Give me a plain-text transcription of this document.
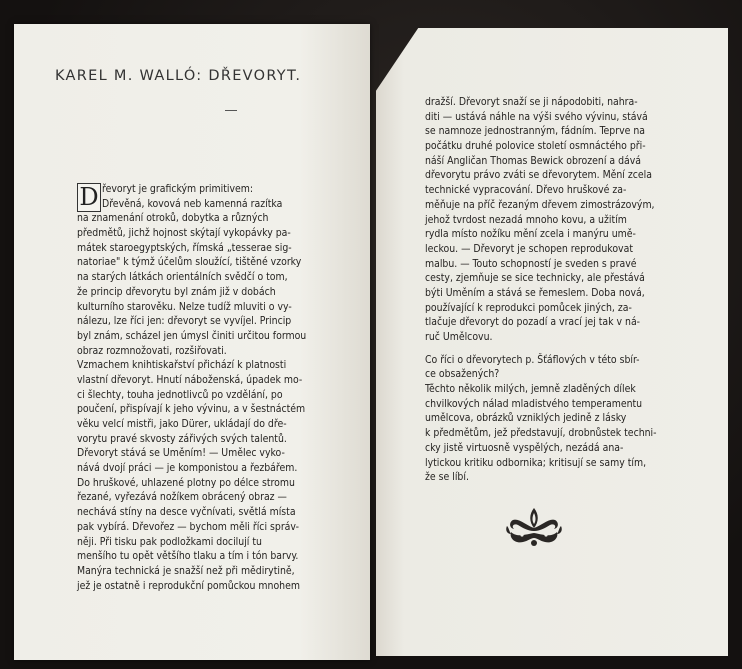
KAREL M. WALLÓ: DŘEVORYT.
D řevoryt je grafickým primitivem:
Dřevěná, kovová neb kamenná razítka
na znamenání otroků, dobytka a různých
předmětů, jichž hojnost skýtají vykopávky pa-
mátek staroegyptských, římská „tesserae sig-
natoriae" k týmž účelům sloužící, tištěné vzorky
na starých látkách orientálních svědčí o tom,
že princip dřevorytu byl znám již v dobách
kulturního starověku. Nelze tudíž mluviti o vy-
nálezu, lze říci jen: dřevoryt se vyvíjel. Princip
byl znám, scházel jen úmysl činiti určitou formou
obraz rozmnožovati, rozšiřovati.
Vzmachem knihtiskařství přichází k platnosti
vlastní dřevoryt. Hnutí náboženská, úpadek mo-
ci šlechty, touha jednotlivců po vzdělání, po
poučení, přispívají k jeho vývinu, a v šestnáctém
věku velcí mistři, jako Dürer, ukládají do dře-
vorytu pravé skvosty zářivých svých talentů.
Dřevoryt stává se Uměním! — Umělec vyko-
nává dvojí práci — je komponistou a řezbářem.
Do hruškové, uhlazené plotny po délce stromu
řezané, vyřezává nožíkem obrácený obraz —
nechává stíny na desce vyčnívati, světlá místa
pak vybírá. Dřevořez — bychom měli říci správ-
něji. Při tisku pak podložkami docilují tu
menšího tu opět většího tlaku a tím i tón barvy.
Manýra technická je snažší než při mědirytině,
jež je ostatně i reprodukční pomůckou mnohem
dražší. Dřevoryt snaží se ji nápodobiti, nahra-
diti — ustává náhle na výši svého vývinu, stává
se namnoze jednostranným, fádním. Teprve na
počátku druhé polovice století osmnáctého při-
náší Angličan Thomas Bewick obrození a dává
dřevorytu právo zváti se dřevorytem. Mění zcela
technické vypracování. Dřevo hruškové za-
měňuje na příč řezaným dřevem zimostrázovým,
jehož tvrdost nezadá mnoho kovu, a užitím
rydla místo nožíku mění zcela i manýru umě-
leckou. — Dřevoryt je schopen reprodukovat
malbu. — Touto schopností je sveden s pravé
cesty, zjemňuje se sice technicky, ale přestává
býti Uměním a stává se řemeslem. Doba nová,
používající k reprodukci pomůcek jiných, za-
tlačuje dřevoryt do pozadí a vrací jej tak v ná-
ruč Umělcovu.
Co říci o dřevorytech p. Šťáflových v této sbír-
ce obsažených?
Těchto několik milých, jemně zladěných dílek
chvilkových nálad mladistvého temperamentu
umělcova, obrázků vzniklých jedině z lásky
k předmětům, jež představují, drobnůstek techni-
cky jistě virtuosně vyspělých, nezádá ana-
lytickou kritiku odbornika; kritisují se samy tím,
že se líbí.
